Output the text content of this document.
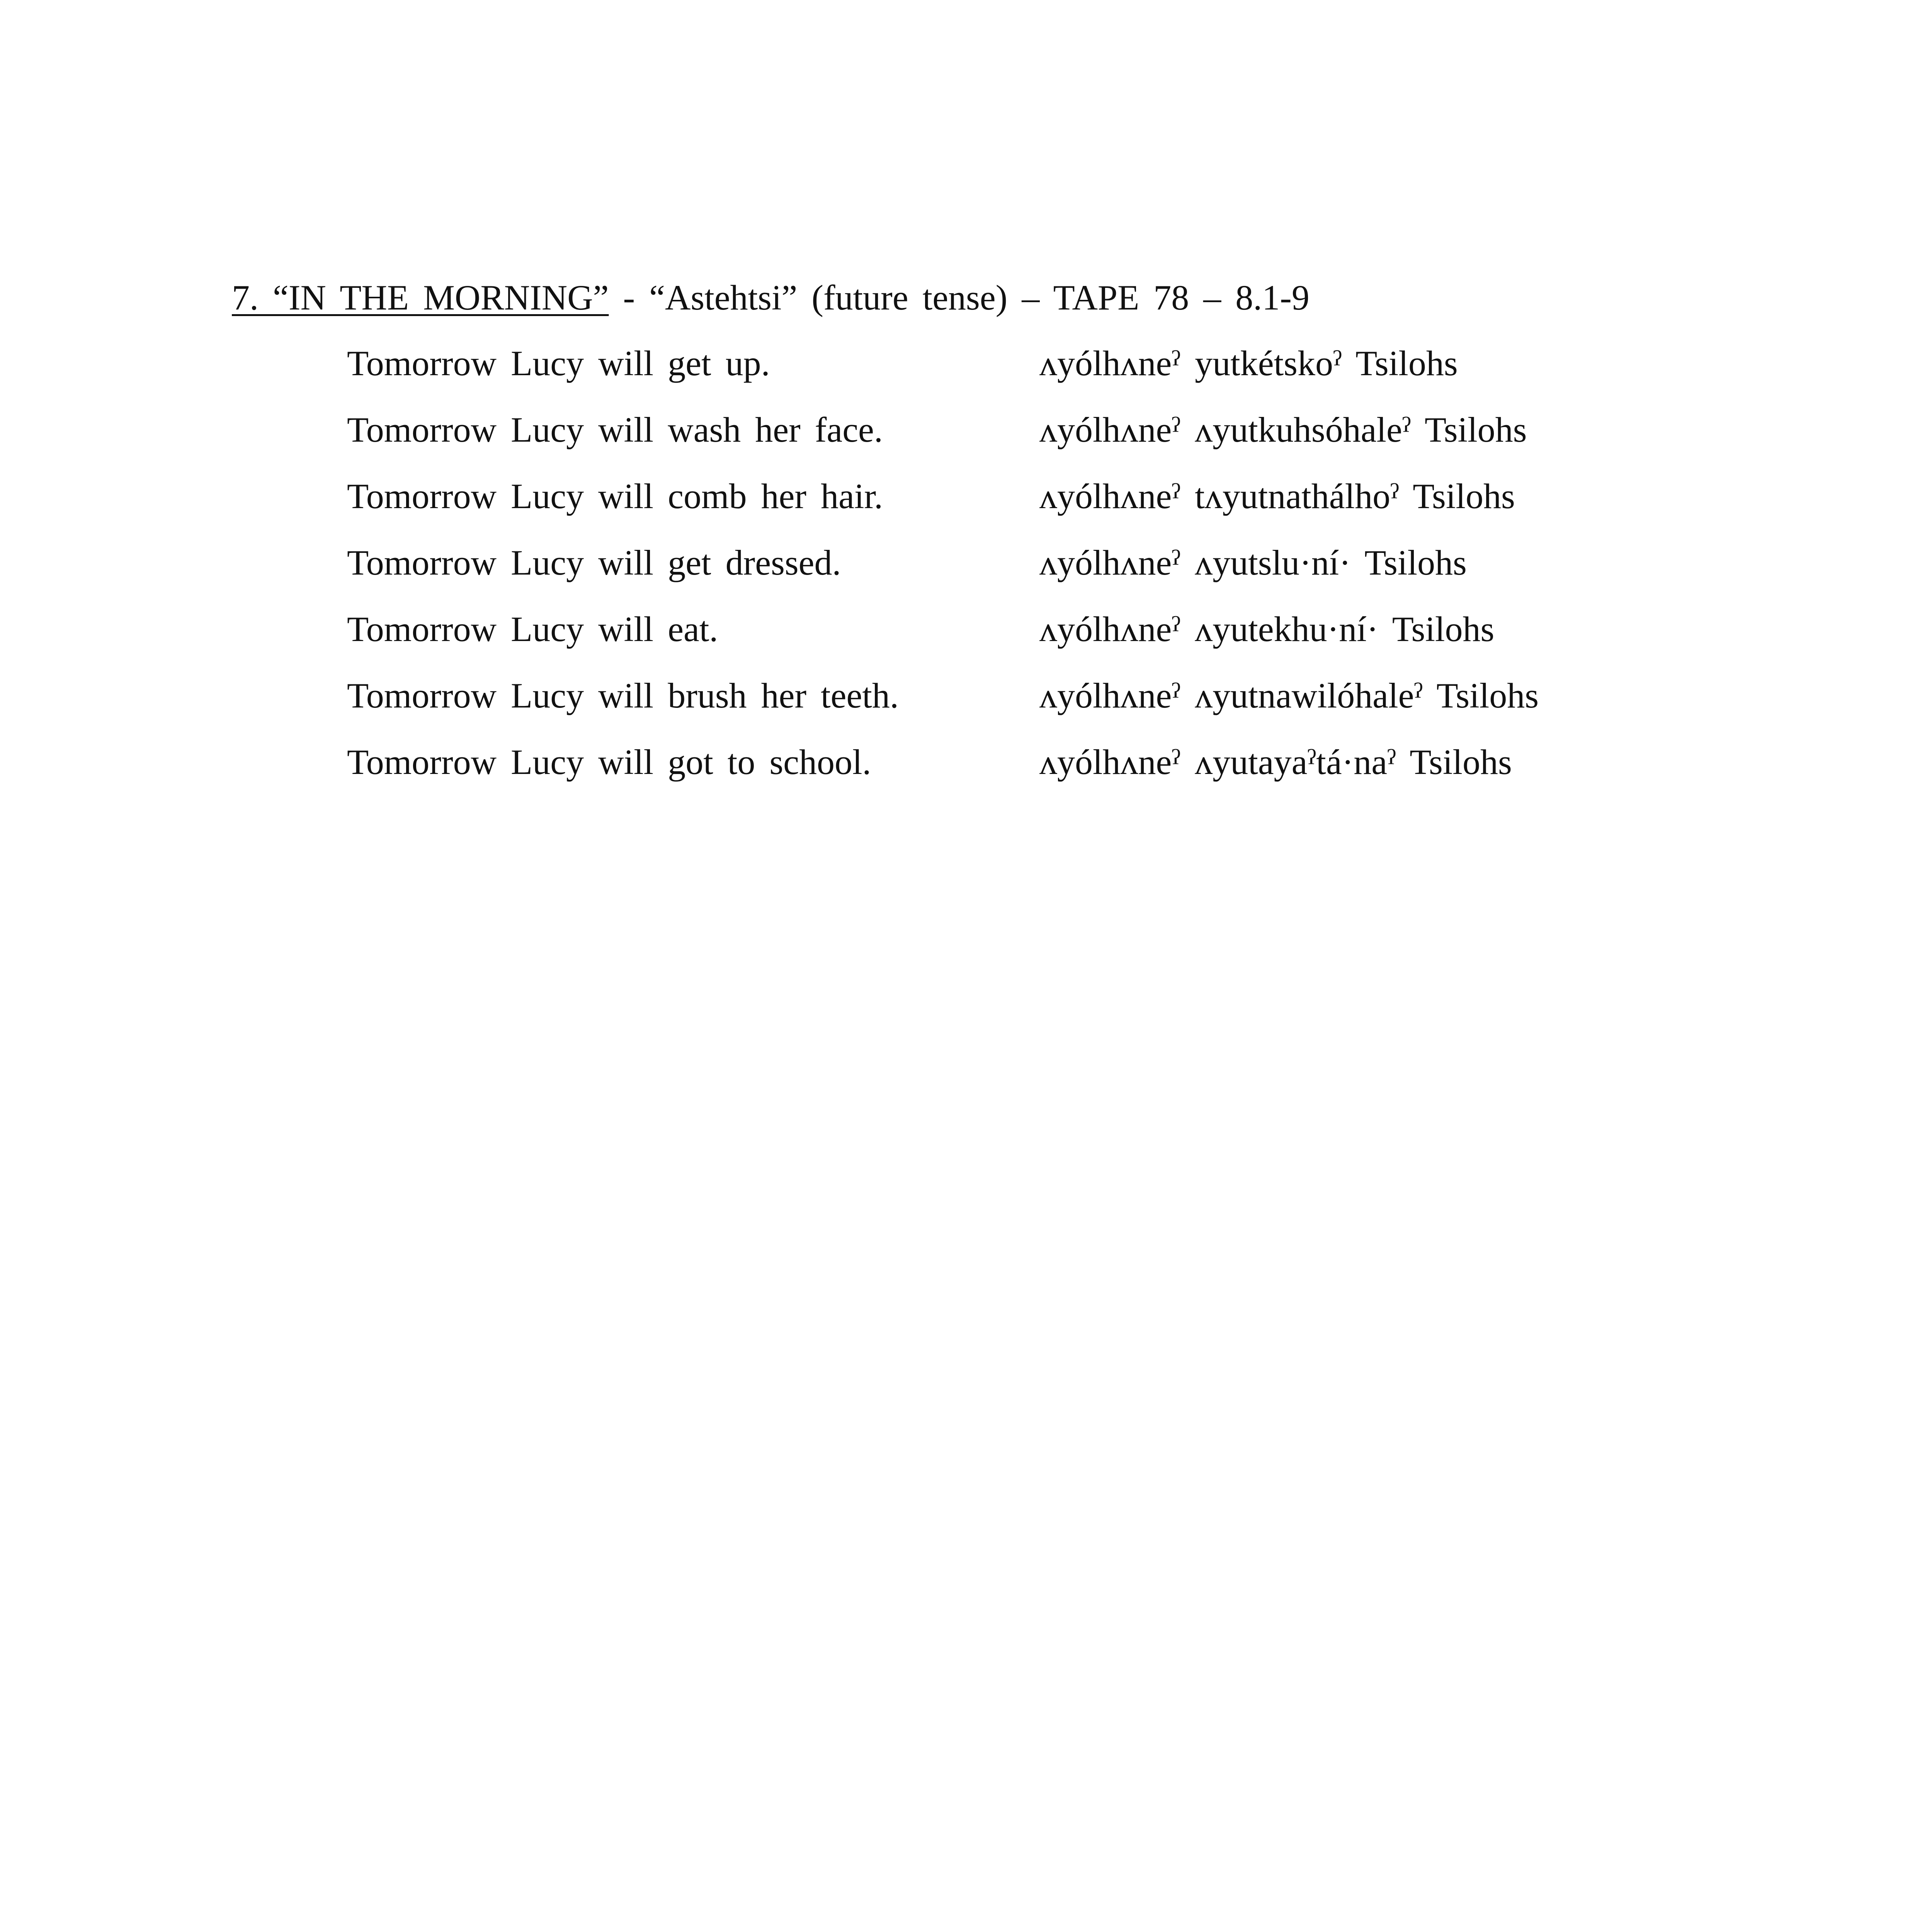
7. “IN THE MORNING” - “Astehtsi” (future tense) – TAPE 78 – 8.1-9
Tomorrow Lucy will get up.	ʌyólhʌneˀ yutkétskoˀ Tsilohs
Tomorrow Lucy will wash her face.	ʌyólhʌneˀ ʌyutkuhsóhaleˀ Tsilohs
Tomorrow Lucy will comb her hair.	ʌyólhʌneˀ tʌyutnathálhoˀ Tsilohs
Tomorrow Lucy will get dressed.	ʌyólhʌneˀ ʌyutslu·ní· Tsilohs
Tomorrow Lucy will eat.	ʌyólhʌneˀ ʌyutekhu·ní· Tsilohs
Tomorrow Lucy will brush her teeth.	ʌyólhʌneˀ ʌyutnawilóhaleˀ Tsilohs
Tomorrow Lucy will got to school.	ʌyólhʌneˀ ʌyutayaˀtá·naˀ Tsilohs
